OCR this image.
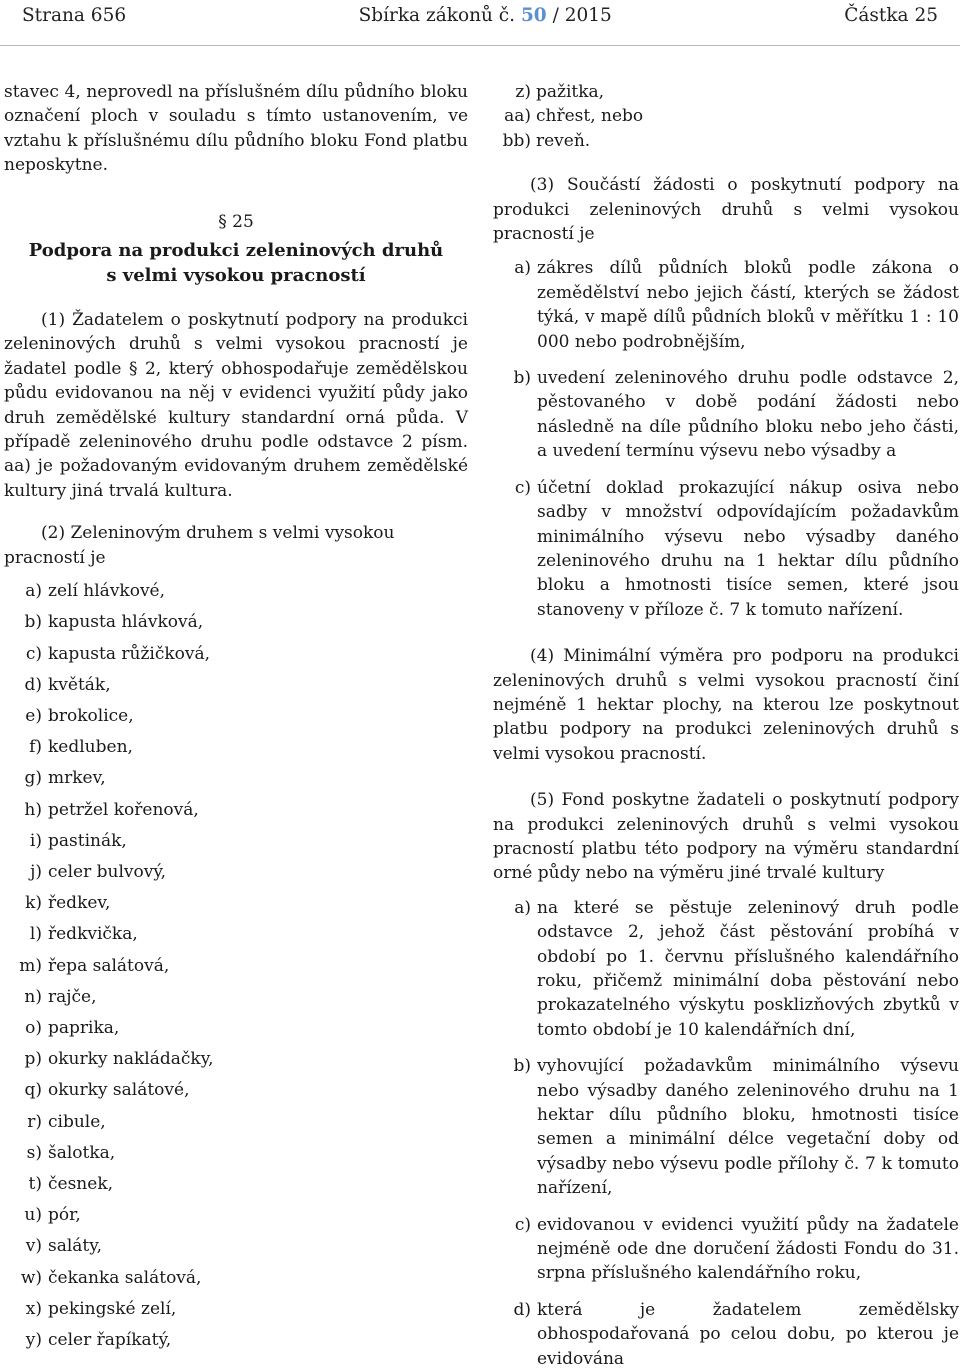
Strana 656	Sbírka zákonů č. 50 / 2015	Částka 25

stavec 4, neprovedl na příslušném dílu půdního bloku označení ploch v souladu s tímto ustanovením, ve vztahu k příslušnému dílu půdního bloku Fond platbu neposkytne.

§ 25
Podpora na produkci zeleninových druhů
s velmi vysokou pracností

(1) Žadatelem o poskytnutí podpory na produkci zeleninových druhů s velmi vysokou pracností je žadatel podle § 2, který obhospodařuje zemědělskou půdu evidovanou na něj v evidenci využití půdy jako druh zemědělské kultury standardní orná půda. V případě zeleninového druhu podle odstavce 2 písm. aa) je požadovaným evidovaným druhem zemědělské kultury jiná trvalá kultura.

(2) Zeleninovým druhem s velmi vysokou pracností je

a) zelí hlávkové,
b) kapusta hlávková,
c) kapusta růžičková,
d) květák,
e) brokolice,
f) kedluben,
g) mrkev,
h) petržel kořenová,
i) pastinák,
j) celer bulvový,
k) ředkev,
l) ředkvička,
m) řepa salátová,
n) rajče,
o) paprika,
p) okurky nakládačky,
q) okurky salátové,
r) cibule,
s) šalotka,
t) česnek,
u) pór,
v) saláty,
w) čekanka salátová,
x) pekingské zelí,
y) celer řapíkatý,
z) pažitka,
aa) chřest, nebo
bb) reveň.

(3) Součástí žádosti o poskytnutí podpory na produkci zeleninových druhů s velmi vysokou pracností je

a) zákres dílů půdních bloků podle zákona o zemědělství nebo jejich částí, kterých se žádost týká, v mapě dílů půdních bloků v měřítku 1 : 10 000 nebo podrobnějším,
b) uvedení zeleninového druhu podle odstavce 2, pěstovaného v době podání žádosti nebo následně na díle půdního bloku nebo jeho části, a uvedení termínu výsevu nebo výsadby a
c) účetní doklad prokazující nákup osiva nebo sadby v množství odpovídajícím požadavkům minimálního výsevu nebo výsadby daného zeleninového druhu na 1 hektar dílu půdního bloku a hmotnosti tisíce semen, které jsou stanoveny v příloze č. 7 k tomuto nařízení.

(4) Minimální výměra pro podporu na produkci zeleninových druhů s velmi vysokou pracností činí nejméně 1 hektar plochy, na kterou lze poskytnout platbu podpory na produkci zeleninových druhů s velmi vysokou pracností.

(5) Fond poskytne žadateli o poskytnutí podpory na produkci zeleninových druhů s velmi vysokou pracností platbu této podpory na výměru standardní orné půdy nebo na výměru jiné trvalé kultury

a) na které se pěstuje zeleninový druh podle odstavce 2, jehož část pěstování probíhá v období po 1. červnu příslušného kalendářního roku, přičemž minimální doba pěstování nebo prokazatelného výskytu posklizňových zbytků v tomto období je 10 kalendářních dní,
b) vyhovující požadavkům minimálního výsevu nebo výsadby daného zeleninového druhu na 1 hektar dílu půdního bloku, hmotnosti tisíce semen a minimální délce vegetační doby od výsadby nebo výsevu podle přílohy č. 7 k tomuto nařízení,
c) evidovanou v evidenci využití půdy na žadatele nejméně ode dne doručení žádosti Fondu do 31. srpna příslušného kalendářního roku,
d) která je žadatelem zemědělsky obhospodařovaná po celou dobu, po kterou je evidována
